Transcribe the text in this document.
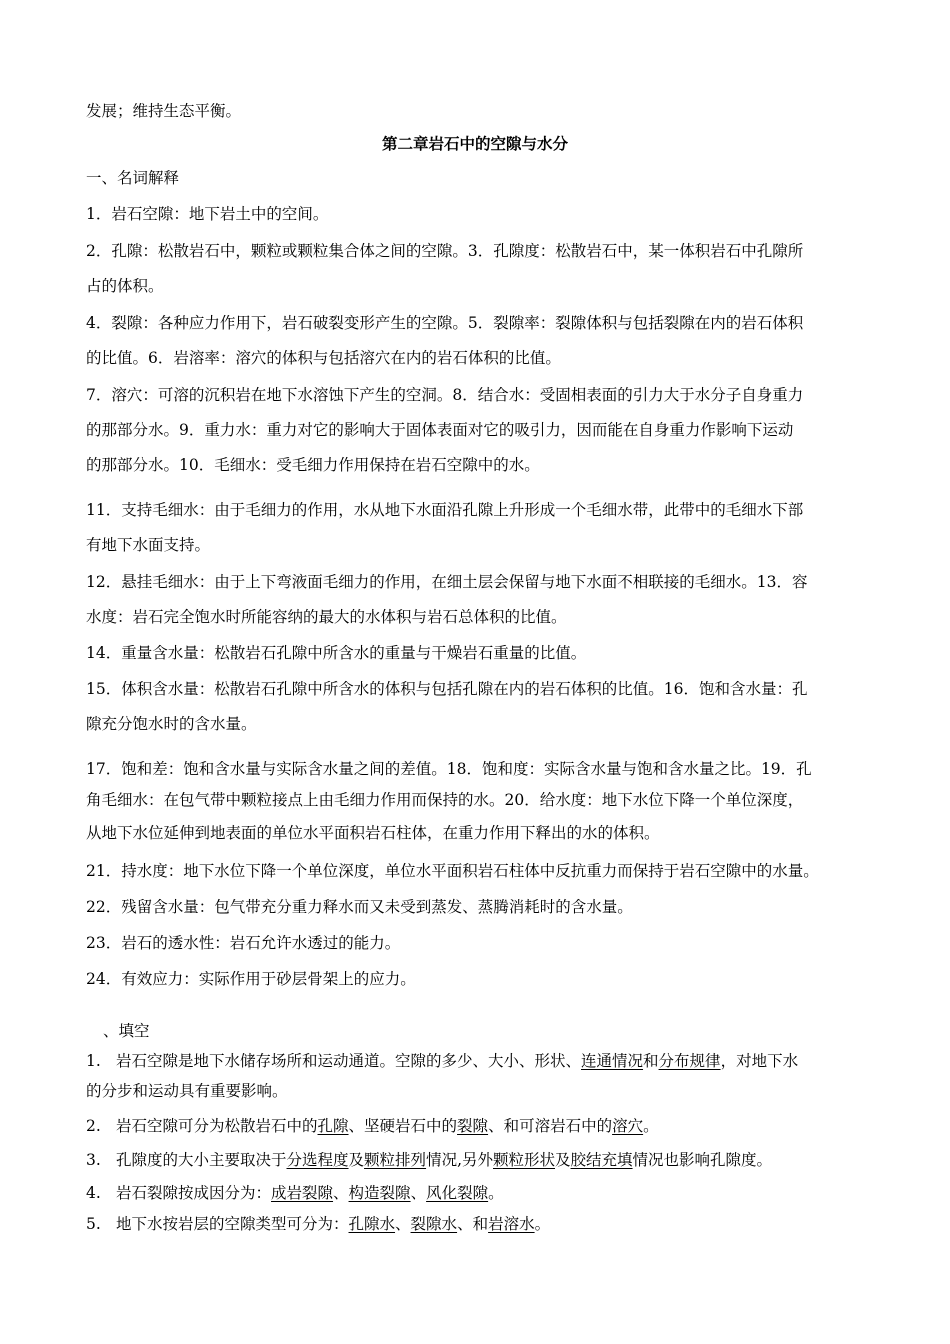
发展；维持生态平衡。
第二章岩石中的空隙与水分
一、名词解释
1．岩石空隙：地下岩土中的空间。
2．孔隙：松散岩石中，颗粒或颗粒集合体之间的空隙。3．孔隙度：松散岩石中，某一体积岩石中孔隙所
占的体积。
4．裂隙：各种应力作用下，岩石破裂变形产生的空隙。5．裂隙率：裂隙体积与包括裂隙在内的岩石体积
的比值。6．岩溶率：溶穴的体积与包括溶穴在内的岩石体积的比值。
7．溶穴：可溶的沉积岩在地下水溶蚀下产生的空洞。8．结合水：受固相表面的引力大于水分子自身重力
的那部分水。9．重力水：重力对它的影响大于固体表面对它的吸引力，因而能在自身重力作影响下运动
的那部分水。10．毛细水：受毛细力作用保持在岩石空隙中的水。
11．支持毛细水：由于毛细力的作用，水从地下水面沿孔隙上升形成一个毛细水带，此带中的毛细水下部
有地下水面支持。
12．悬挂毛细水：由于上下弯液面毛细力的作用，在细土层会保留与地下水面不相联接的毛细水。13．容
水度：岩石完全饱水时所能容纳的最大的水体积与岩石总体积的比值。
14．重量含水量：松散岩石孔隙中所含水的重量与干燥岩石重量的比值。
15．体积含水量：松散岩石孔隙中所含水的体积与包括孔隙在内的岩石体积的比值。16．饱和含水量：孔
隙充分饱水时的含水量。
17．饱和差：饱和含水量与实际含水量之间的差值。18．饱和度：实际含水量与饱和含水量之比。19．孔
角毛细水：在包气带中颗粒接点上由毛细力作用而保持的水。20．给水度：地下水位下降一个单位深度，
从地下水位延伸到地表面的单位水平面积岩石柱体，在重力作用下释出的水的体积。
21．持水度：地下水位下降一个单位深度，单位水平面积岩石柱体中反抗重力而保持于岩石空隙中的水量。
22．残留含水量：包气带充分重力释水而又未受到蒸发、蒸腾消耗时的含水量。
23．岩石的透水性：岩石允许水透过的能力。
24．有效应力：实际作用于砂层骨架上的应力。
、填空
1. 岩石空隙是地下水储存场所和运动通道。空隙的多少、大小、形状、连通情况和分布规律，对地下水
的分步和运动具有重要影响。
2. 岩石空隙可分为松散岩石中的孔隙、坚硬岩石中的裂隙、和可溶岩石中的溶穴。
3. 孔隙度的大小主要取决于分选程度及颗粒排列情况,另外颗粒形状及胶结充填情况也影响孔隙度。
4. 岩石裂隙按成因分为：成岩裂隙、构造裂隙、风化裂隙。
5. 地下水按岩层的空隙类型可分为：孔隙水、裂隙水、和岩溶水。
